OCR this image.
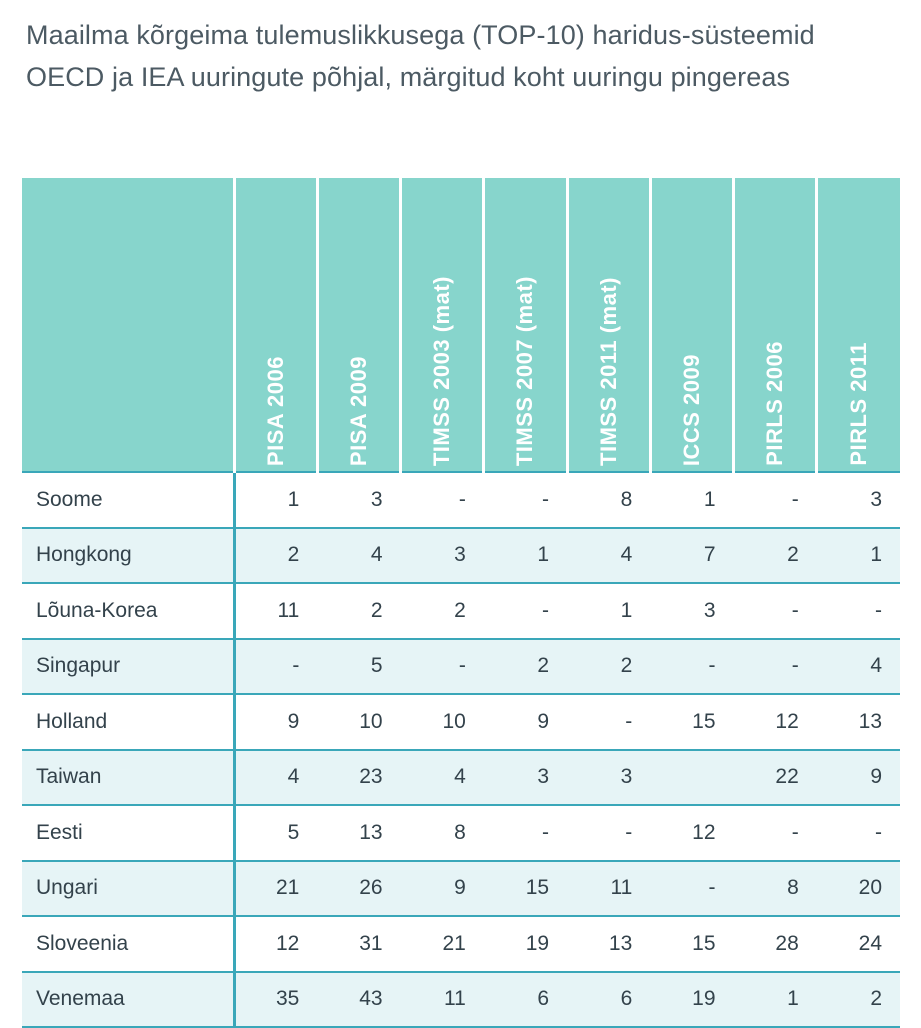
Maailma kõrgeima tulemuslikkusega (TOP-10) haridus-süsteemid OECD ja IEA uuringute põhjal, märgitud koht uuringu pingereas
	PISA 2006	PISA 2009	TIMSS 2003 (mat)	TIMSS 2007 (mat)	TIMSS 2011 (mat)	ICCS 2009	PIRLS 2006	PIRLS 2011
Soome	1	3	-	-	8	1	-	3
Hongkong	2	4	3	1	4	7	2	1
Lõuna-Korea	11	2	2	-	1	3	-	-
Singapur	-	5	-	2	2	-	-	4
Holland	9	10	10	9	-	15	12	13
Taiwan	4	23	4	3	3		22	9
Eesti	5	13	8	-	-	12	-	-
Ungari	21	26	9	15	11	-	8	20
Sloveenia	12	31	21	19	13	15	28	24
Venemaa	35	43	11	6	6	19	1	2
